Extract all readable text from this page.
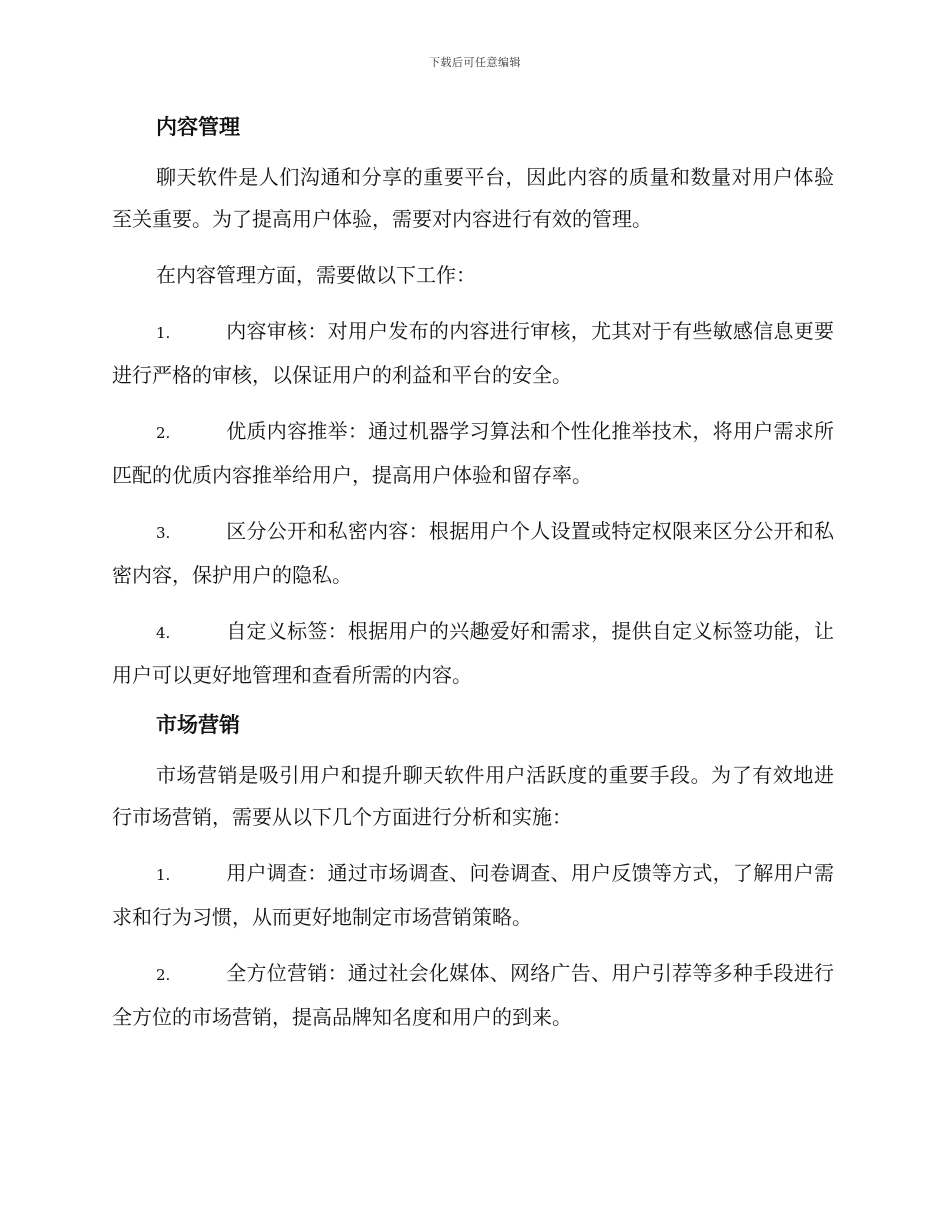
下载后可任意编辑

内容管理

聊天软件是人们沟通和分享的重要平台，因此内容的质量和数量对用户体验至关重要。为了提高用户体验，需要对内容进行有效的管理。

在内容管理方面，需要做以下工作：

1.	内容审核：对用户发布的内容进行审核，尤其对于有些敏感信息更要进行严格的审核，以保证用户的利益和平台的安全。

2.	优质内容推举：通过机器学习算法和个性化推举技术，将用户需求所匹配的优质内容推举给用户，提高用户体验和留存率。

3.	区分公开和私密内容：根据用户个人设置或特定权限来区分公开和私密内容，保护用户的隐私。

4.	自定义标签：根据用户的兴趣爱好和需求，提供自定义标签功能，让用户可以更好地管理和查看所需的内容。

市场营销

市场营销是吸引用户和提升聊天软件用户活跃度的重要手段。为了有效地进行市场营销，需要从以下几个方面进行分析和实施：

1.	用户调查：通过市场调查、问卷调查、用户反馈等方式，了解用户需求和行为习惯，从而更好地制定市场营销策略。

2.	全方位营销：通过社会化媒体、网络广告、用户引荐等多种手段进行全方位的市场营销，提高品牌知名度和用户的到来。
